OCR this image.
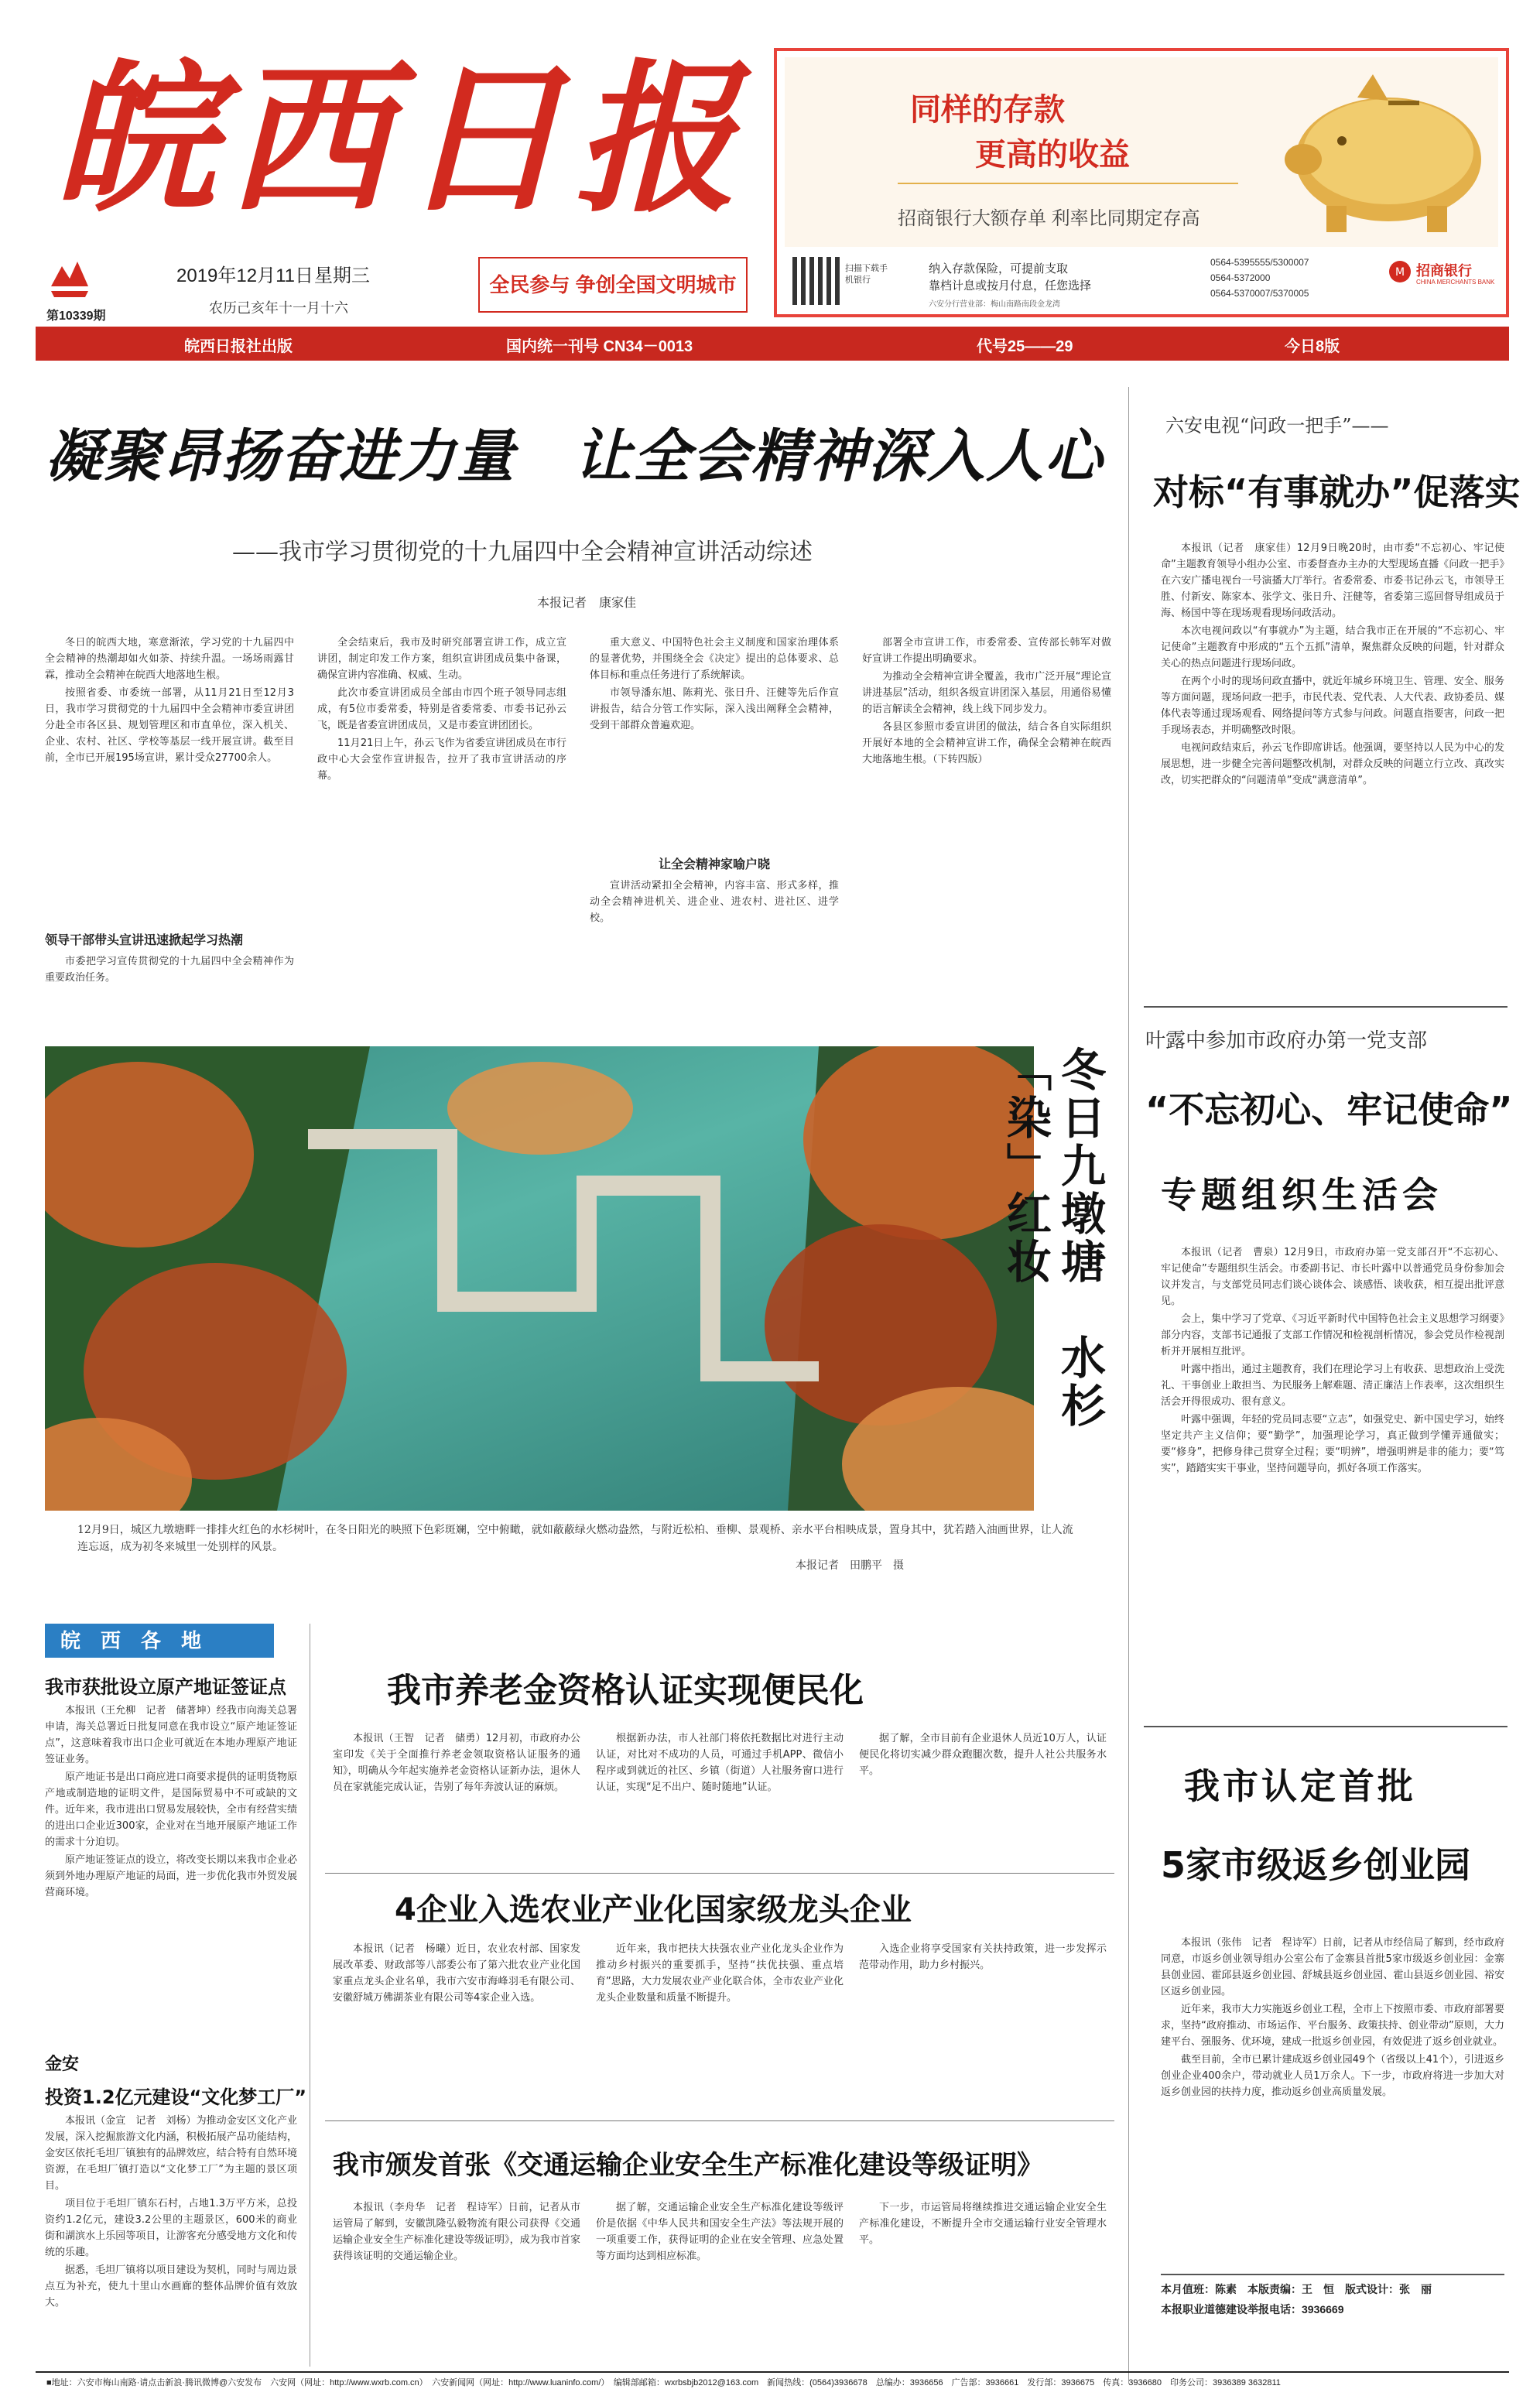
皖西日报
第10339期
2019年12月11日 星期三
农历己亥年十一月十六
全民参与 争创全国文明城市
同样的存款
更高的收益
招商银行大额存单 利率比同期定存高
扫描下载手机银行
纳入存款保险，可提前支取
靠档计息或按月付息，任您选择
六安分行营业部：梅山南路南段金龙湾
0564-5395555/5300007
0564-5372000
0564-5370007/5370005
M 招商银行
CHINA MERCHANTS BANK
皖西日报社出版	国内统一刊号 CN34－0013	代号25——29	今日8版
凝聚昂扬奋进力量　让全会精神深入人心
——我市学习贯彻党的十九届四中全会精神宣讲活动综述
本报记者　康家佳

冬日的皖西大地，寒意渐浓，学习党的十九届四中全会精神的热潮却如火如荼、持续升温。一场场雨露甘霖，推动全会精神在皖西大地落地生根。

按照省委、市委统一部署，从11月21日至12月3日，我市学习贯彻党的十九届四中全会精神市委宣讲团分赴全市各区县、规划管理区和市直单位，深入机关、企业、农村、社区、学校等基层一线开展宣讲。截至目前，全市已开展195场宣讲，累计受众27700余人。

领导干部带头宣讲迅速掀起学习热潮

市委把学习宣传贯彻党的十九届四中全会精神作为重要政治任务。

全会结束后，我市及时研究部署宣讲工作，成立宣讲团，制定印发工作方案，组织宣讲团成员集中备课，确保宣讲内容准确、权威、生动。

此次市委宣讲团成员全部由市四个班子领导同志组成，有5位市委常委，特别是省委常委、市委书记孙云飞，既是省委宣讲团成员，又是市委宣讲团团长。

11月21日上午，孙云飞作为省委宣讲团成员在市行政中心大会堂作宣讲报告，拉开了我市宣讲活动的序幕。

重大意义、中国特色社会主义制度和国家治理体系的显著优势，并围绕全会《决定》提出的总体要求、总体目标和重点任务进行了系统解读。

市领导潘东旭、陈莉光、张日升、汪健等先后作宣讲报告，结合分管工作实际，深入浅出阐释全会精神，受到干部群众普遍欢迎。

让全会精神家喻户晓

宣讲活动紧扣全会精神，内容丰富、形式多样，推动全会精神进机关、进企业、进农村、进社区、进学校。

部署全市宣讲工作，市委常委、宣传部长韩军对做好宣讲工作提出明确要求。

为推动全会精神宣讲全覆盖，我市广泛开展“理论宣讲进基层”活动，组织各级宣讲团深入基层，用通俗易懂的语言解读全会精神，线上线下同步发力。

各县区参照市委宣讲团的做法，结合各自实际组织开展好本地的全会精神宣讲工作，确保全会精神在皖西大地落地生根。（下转四版）

六安电视“问政一把手”——
对标“有事就办”促落实

本报讯（记者　康家佳）12月9日晚20时，由市委“不忘初心、牢记使命”主题教育领导小组办公室、市委督查办主办的大型现场直播《问政一把手》在六安广播电视台一号演播大厅举行。省委常委、市委书记孙云飞，市领导王胜、付新安、陈家本、张学文、张日升、汪健等，省委第三巡回督导组成员于海、杨国中等在现场观看现场问政活动。

本次电视问政以“有事就办”为主题，结合我市正在开展的“不忘初心、牢记使命”主题教育中形成的“五个五抓”清单，聚焦群众反映的问题，针对群众关心的热点问题进行现场问政。

在两个小时的现场问政直播中，就近年城乡环境卫生、管理、安全、服务等方面问题，现场问政一把手，市民代表、党代表、人大代表、政协委员、媒体代表等通过现场观看、网络提问等方式参与问政。问题直指要害，问政一把手现场表态，并明确整改时限。

电视问政结束后，孙云飞作即席讲话。他强调，要坚持以人民为中心的发展思想，进一步健全完善问题整改机制，对群众反映的问题立行立改、真改实改，切实把群众的“问题清单”变成“满意清单”。

冬日九墩塘　水杉「染」红妆
12月9日，城区九墩塘畔一排排火红色的水杉树叶，在冬日阳光的映照下色彩斑斓，空中俯瞰，就如蔽蔽绿火燃动盎然，与附近松柏、垂柳、景观桥、亲水平台相映成景，置身其中，犹若踏入油画世界，让人流连忘返，成为初冬来城里一处别样的风景。
本报记者　田鹏平　摄
叶露中参加市政府办第一党支部
“不忘初心、牢记使命”
专题组织生活会

本报讯（记者　曹泉）12月9日，市政府办第一党支部召开“不忘初心、牢记使命”专题组织生活会。市委副书记、市长叶露中以普通党员身份参加会议并发言，与支部党员同志们谈心谈体会、谈感悟、谈收获，相互提出批评意见。

会上，集中学习了党章、《习近平新时代中国特色社会主义思想学习纲要》部分内容，支部书记通报了支部工作情况和检视剖析情况，参会党员作检视剖析并开展相互批评。

叶露中指出，通过主题教育，我们在理论学习上有收获、思想政治上受洗礼、干事创业上敢担当、为民服务上解难题、清正廉洁上作表率，这次组织生活会开得很成功、很有意义。

叶露中强调，年轻的党员同志要“立志”，如强党史、新中国史学习，始终坚定共产主义信仰；要“勤学”，加强理论学习，真正做到学懂弄通做实；要“修身”，把修身律己贯穿全过程；要“明辨”，增强明辨是非的能力；要“笃实”，踏踏实实干事业，坚持问题导向，抓好各项工作落实。

我市认定首批
5家市级返乡创业园

本报讯（张伟　记者　程诗军）日前，记者从市经信局了解到，经市政府同意，市返乡创业领导组办公室公布了金寨县首批5家市级返乡创业园：金寨县创业园、霍邱县返乡创业园、舒城县返乡创业园、霍山县返乡创业园、裕安区返乡创业园。

近年来，我市大力实施返乡创业工程，全市上下按照市委、市政府部署要求，坚持“政府推动、市场运作、平台服务、政策扶持、创业带动”原则，大力建平台、强服务、优环境，建成一批返乡创业园，有效促进了返乡创业就业。

截至目前，全市已累计建成返乡创业园49个（省级以上41个），引进返乡创业企业400余户，带动就业人员1万余人。下一步，市政府将进一步加大对返乡创业园的扶持力度，推动返乡创业高质量发展。

本月值班：陈素　本版责编：王　恒　版式设计：张　丽
本报职业道德建设举报电话：3936669
皖　西　各　地
我市获批设立原产地证签证点

本报讯（王允柳　记者　储著坤）经我市向海关总署申请，海关总署近日批复同意在我市设立“原产地证签证点”，这意味着我市出口企业可就近在本地办理原产地证签证业务。

原产地证书是出口商应进口商要求提供的证明货物原产地或制造地的证明文件，是国际贸易中不可或缺的文件。近年来，我市进出口贸易发展较快，全市有经营实绩的进出口企业近300家，企业对在当地开展原产地证工作的需求十分迫切。

原产地证签证点的设立，将改变长期以来我市企业必须到外地办理原产地证的局面，进一步优化我市外贸发展营商环境。

金安
投资1.2亿元建设“文化梦工厂”

本报讯（金宣　记者　刘杨）为推动金安区文化产业发展，深入挖掘旅游文化内涵，积极拓展产品功能结构，金安区依托毛坦厂镇独有的品牌效应，结合特有自然环境资源，在毛坦厂镇打造以“文化梦工厂”为主题的景区项目。

项目位于毛坦厂镇东石村，占地1.3万平方米，总投资约1.2亿元，建设3.2公里的主题景区，600米的商业街和湖滨水上乐园等项目，让游客充分感受地方文化和传统的乐趣。

据悉，毛坦厂镇将以项目建设为契机，同时与周边景点互为补充，使九十里山水画廊的整体品牌价值有效放大。

我市养老金资格认证实现便民化

本报讯（王智　记者　储勇）12月初，市政府办公室印发《关于全面推行养老金领取资格认证服务的通知》，明确从今年起实施养老金资格认证新办法，退休人员在家就能完成认证，告别了每年奔波认证的麻烦。

根据新办法，市人社部门将依托数据比对进行主动认证，对比对不成功的人员，可通过手机APP、微信小程序或到就近的社区、乡镇（街道）人社服务窗口进行认证，实现“足不出户、随时随地”认证。

据了解，全市目前有企业退休人员近10万人，认证便民化将切实减少群众跑腿次数，提升人社公共服务水平。

4企业入选农业产业化国家级龙头企业

本报讯（记者　杨曦）近日，农业农村部、国家发展改革委、财政部等八部委公布了第六批农业产业化国家重点龙头企业名单，我市六安市海峰羽毛有限公司、安徽舒城万佛湖茶业有限公司等4家企业入选。

近年来，我市把扶大扶强农业产业化龙头企业作为推动乡村振兴的重要抓手，坚持“扶优扶强、重点培育”思路，大力发展农业产业化联合体，全市农业产业化龙头企业数量和质量不断提升。

入选企业将享受国家有关扶持政策，进一步发挥示范带动作用，助力乡村振兴。

我市颁发首张《交通运输企业安全生产标准化建设等级证明》

本报讯（李舟华　记者　程诗军）日前，记者从市运管局了解到，安徽凯隆弘毅物流有限公司获得《交通运输企业安全生产标准化建设等级证明》，成为我市首家获得该证明的交通运输企业。

据了解，交通运输企业安全生产标准化建设等级评价是依据《中华人民共和国安全生产法》等法规开展的一项重要工作，获得证明的企业在安全管理、应急处置等方面均达到相应标准。

下一步，市运管局将继续推进交通运输企业安全生产标准化建设，不断提升全市交通运输行业安全管理水平。

■地址：六安市梅山南路·请点击新浪·腾讯微博@六安发布　六安网（网址：http://www.wxrb.com.cn）　六安新闻网（网址：http://www.luaninfo.com/）　编辑部邮箱：wxrbsbjb2012@163.com　新闻热线：(0564)3936678　总编办：3936656　广告部：3936661　发行部：3936675　传真：3936680　印务公司：3936389 3632811
